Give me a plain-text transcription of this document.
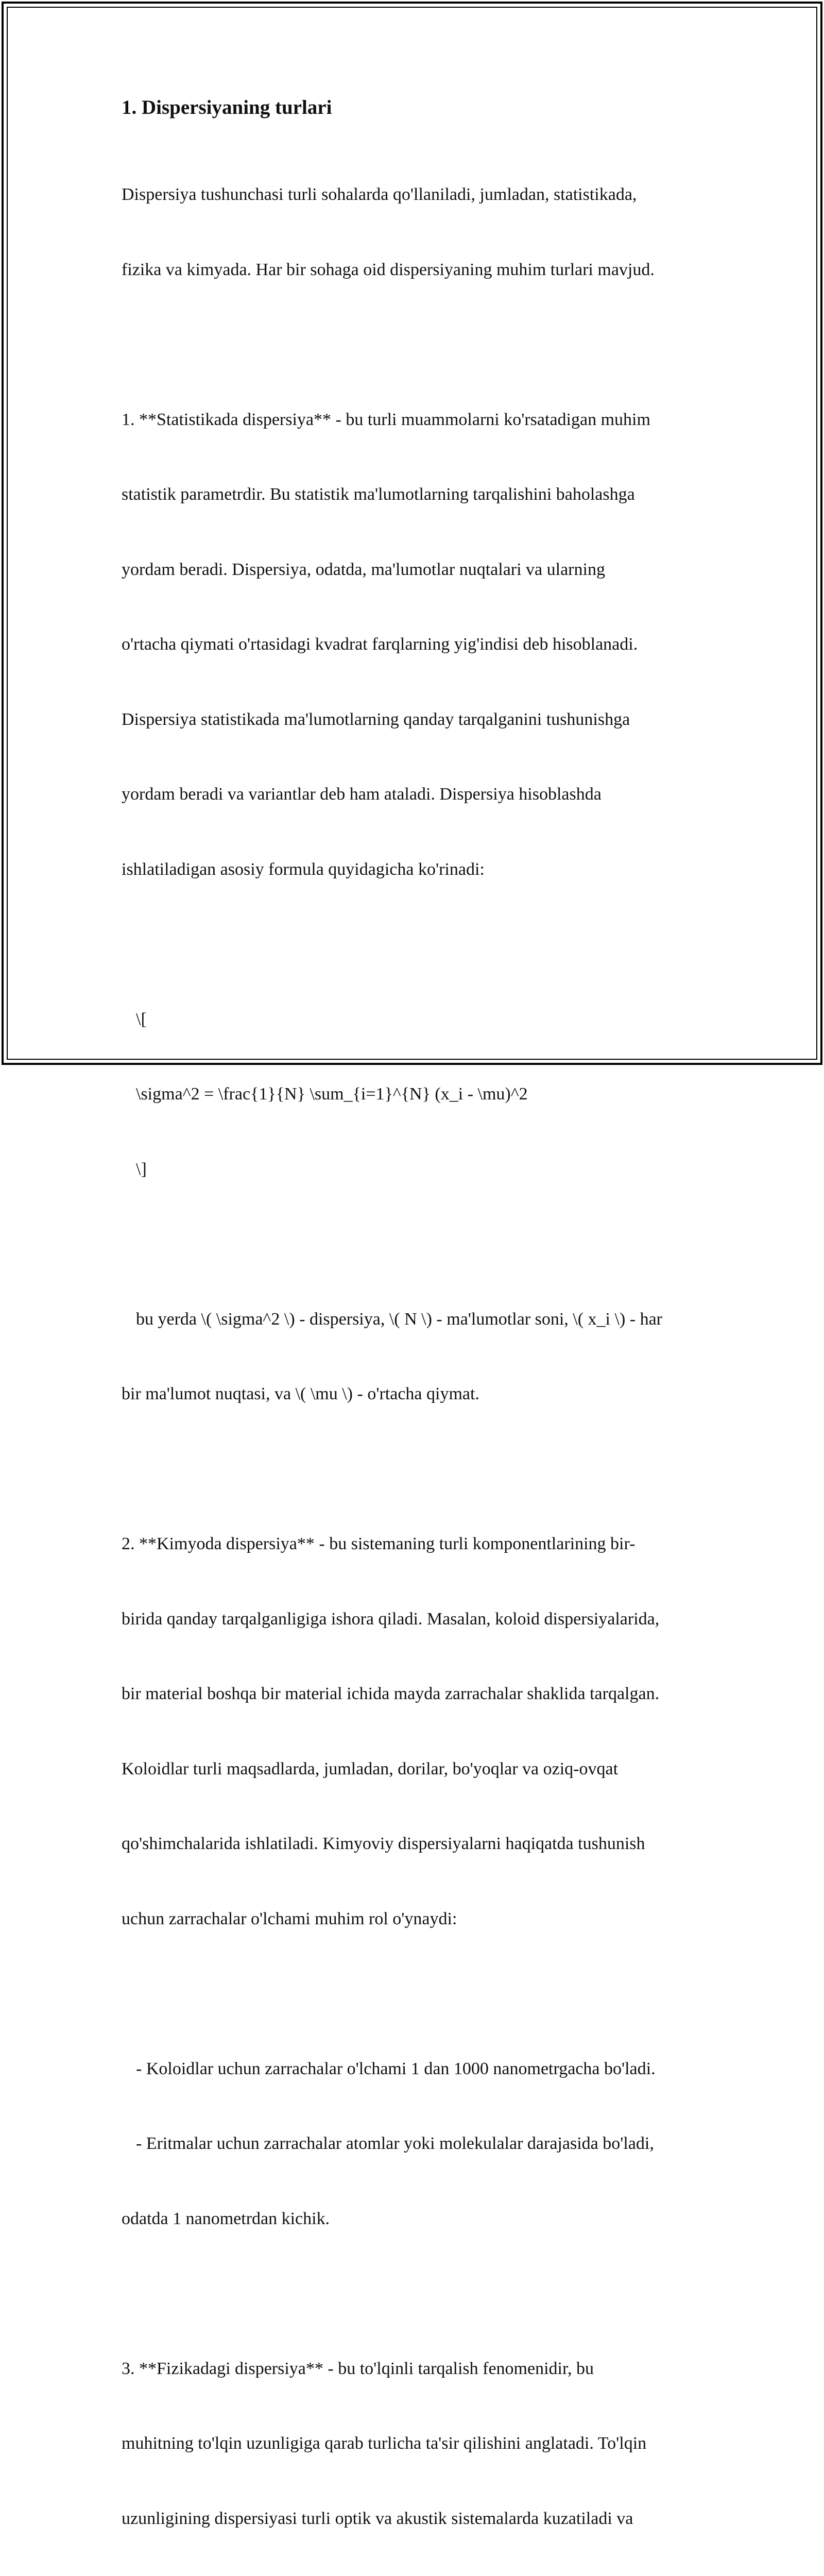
1. Dispersiyaning turlari

Dispersiya tushunchasi turli sohalarda qo'llaniladi, jumladan, statistikada,

fizika va kimyada. Har bir sohaga oid dispersiyaning muhim turlari mavjud.

1. **Statistikada dispersiya** - bu turli muammolarni ko'rsatadigan muhim

statistik parametrdir. Bu statistik ma'lumotlarning tarqalishini baholashga

yordam beradi. Dispersiya, odatda, ma'lumotlar nuqtalari va ularning

o'rtacha qiymati o'rtasidagi kvadrat farqlarning yig'indisi deb hisoblanadi.

Dispersiya statistikada ma'lumotlarning qanday tarqalganini tushunishga

yordam beradi va variantlar deb ham ataladi. Dispersiya hisoblashda

ishlatiladigan asosiy formula quyidagicha ko'rinadi:

\[

\sigma^2 = \frac{1}{N} \sum_{i=1}^{N} (x_i - \mu)^2

\]

bu yerda \( \sigma^2 \) - dispersiya, \( N \) - ma'lumotlar soni, \( x_i \) - har

bir ma'lumot nuqtasi, va \( \mu \) - o'rtacha qiymat.

2. **Kimyoda dispersiya** - bu sistemaning turli komponentlarining bir-

birida qanday tarqalganligiga ishora qiladi. Masalan, koloid dispersiyalarida,

bir material boshqa bir material ichida mayda zarrachalar shaklida tarqalgan.

Koloidlar turli maqsadlarda, jumladan, dorilar, bo'yoqlar va oziq-ovqat

qo'shimchalarida ishlatiladi. Kimyoviy dispersiyalarni haqiqatda tushunish

uchun zarrachalar o'lchami muhim rol o'ynaydi:

- Koloidlar uchun zarrachalar o'lchami 1 dan 1000 nanometrgacha bo'ladi.

- Eritmalar uchun zarrachalar atomlar yoki molekulalar darajasida bo'ladi,

odatda 1 nanometrdan kichik.

3. **Fizikadagi dispersiya** - bu to'lqinli tarqalish fenomenidir, bu

muhitning to'lqin uzunligiga qarab turlicha ta'sir qilishini anglatadi. To'lqin

uzunligining dispersiyasi turli optik va akustik sistemalarda kuzatiladi va
